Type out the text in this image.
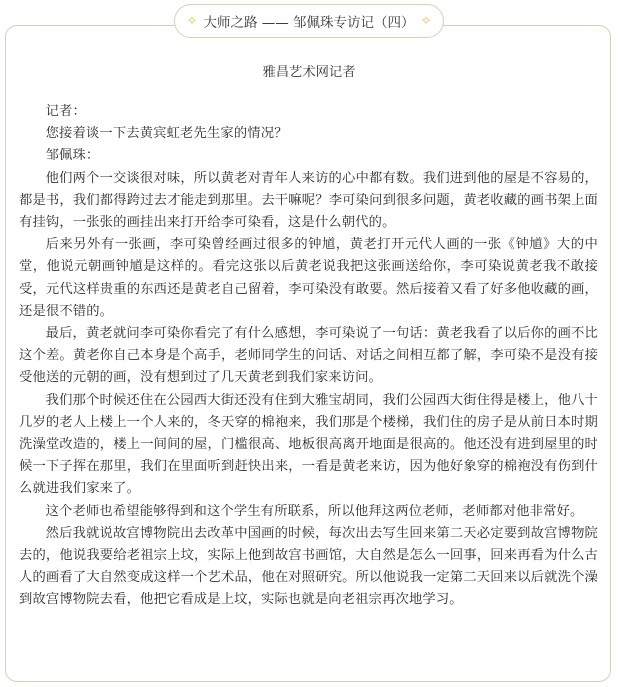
✧ 大师之路 —— 邹佩珠专访记（四） ✧
雅昌艺术网记者

记者：

您接着谈一下去黄宾虹老先生家的情况？

邹佩珠：

他们两个一交谈很对味，所以黄老对青年人来访的心中都有数。我们进到他的屋是不容易的，都是书，我们都得跨过去才能走到那里。去干嘛呢？李可染问到很多问题，黄老收藏的画书架上面有挂钩，一张张的画挂出来打开给李可染看，这是什么朝代的。

后来另外有一张画，李可染曾经画过很多的钟馗，黄老打开元代人画的一张《钟馗》大的中堂，他说元朝画钟馗是这样的。看完这张以后黄老说我把这张画送给你，李可染说黄老我不敢接受，元代这样贵重的东西还是黄老自己留着，李可染没有敢要。然后接着又看了好多他收藏的画，还是很不错的。

最后，黄老就问李可染你看完了有什么感想，李可染说了一句话：黄老我看了以后你的画不比这个差。黄老你自己本身是个高手，老师同学生的问话、对话之间相互都了解，李可染不是没有接受他送的元朝的画，没有想到过了几天黄老到我们家来访问。

我们那个时候还住在公园西大街还没有住到大雅宝胡同，我们公园西大街住得是楼上，他八十几岁的老人上楼上一个人来的，冬天穿的棉袍来，我们那是个楼梯，我们住的房子是从前日本时期洗澡堂改造的，楼上一间间的屋，门槛很高、地板很高离开地面是很高的。他还没有进到屋里的时候一下子挥在那里，我们在里面听到赶快出来，一看是黄老来访，因为他好象穿的棉袍没有伤到什么就进我们家来了。

这个老师也希望能够得到和这个学生有所联系，所以他拜这两位老师，老师都对他非常好。

然后我就说故宫博物院出去改革中国画的时候，每次出去写生回来第二天必定要到故宫博物院去的，他说我要给老祖宗上坟，实际上他到故宫书画馆，大自然是怎么一回事，回来再看为什么古人的画看了大自然变成这样一个艺术品，他在对照研究。所以他说我一定第二天回来以后就洗个澡到故宫博物院去看，他把它看成是上坟，实际也就是向老祖宗再次地学习。
